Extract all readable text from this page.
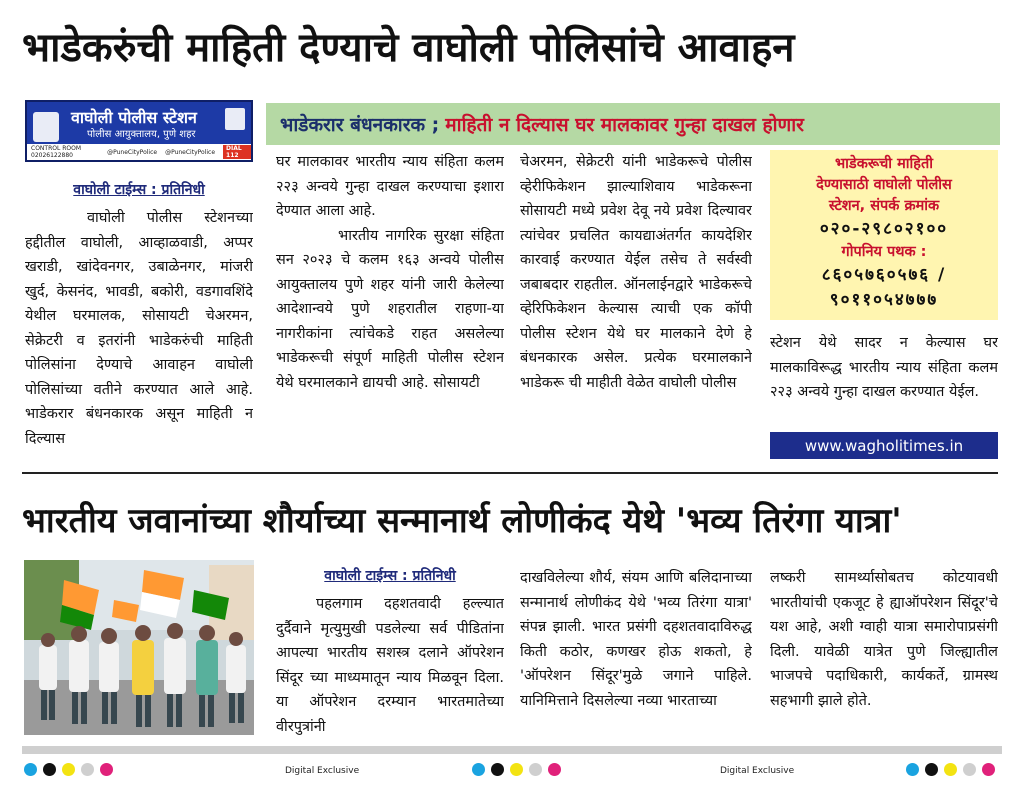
भाडेकरुंची माहिती देण्याचे वाघोली पोलिसांचे आवाहन
वाघोली पोलीस स्टेशन
पोलीस आयुक्तालय, पुणे शहर
CONTROL ROOM 02026122880	@PuneCityPolice @PuneCityPolice	DIAL 112
भाडेकरार बंधनकारक ; माहिती न दिल्यास घर मालकावर गुन्हा दाखल होणार
वाघोली टाईम्स : प्रतिनिधी
वाघोली पोलीस स्टेशनच्या हद्दीतील वाघोली, आव्हाळवाडी, अप्पर खराडी, खांदेवनगर, उबाळेनगर, मांजरी खुर्द, केसनंद, भावडी, बकोरी, वडगावशिंदे येथील घरमालक, सोसायटी चेअरमन, सेक्रेटरी व इतरांनी भाडेकरुंची माहिती पोलिसांना देण्याचे आवाहन वाघोली पोलिसांच्या वतीने करण्यात आले आहे. भाडेकरार बंधनकारक असून माहिती न दिल्यास
घर मालकावर भारतीय न्याय संहिता कलम २२३ अन्वये गुन्हा दाखल करण्याचा इशारा देण्यात आला आहे.
भारतीय नागरिक सुरक्षा संहिता सन २०२३ चे कलम १६३ अन्वये पोलीस आयुक्तालय पुणे शहर यांनी जारी केलेल्या आदेशान्वये पुणे शहरातील राहणा-या नागरीकांना त्यांचेकडे राहत असलेल्या भाडेकरूची संपूर्ण माहिती पोलीस स्टेशन येथे घरमालकाने द्यायची आहे. सोसायटी
चेअरमन, सेक्रेटरी यांनी भाडेकरूचे पोलीस व्हेरीफिकेशन झाल्याशिवाय भाडेकरूना सोसायटी मध्ये प्रवेश देवू नये प्रवेश दिल्यावर त्यांचेवर प्रचलित कायद्याअंतर्गत कायदेशिर कारवाई करण्यात येईल तसेच ते सर्वस्वी जबाबदार राहतील. ऑनलाईनद्वारे भाडेकरूचे व्हेरिफिकेशन केल्यास त्याची एक कॉपी पोलीस स्टेशन येथे घर मालकाने देणे हे बंधनकारक असेल. प्रत्येक घरमालकाने भाडेकरू ची माहीती वेळेत वाघोली पोलीस
भाडेकरूची माहिती
देण्यासाठी वाघोली पोलीस
स्टेशन, संपर्क क्रमांक
०२०-२९८०२१००
गोपनिय पथक :
८६०५७६०५७६ /
९०११०५४७७७
स्टेशन येथे सादर न केल्यास घर मालकाविरूद्ध भारतीय न्याय संहिता कलम २२३ अन्वये गुन्हा दाखल करण्यात येईल.
www.wagholitimes.in
भारतीय जवानांच्या शौर्याच्या सन्मानार्थ लोणीकंद येथे 'भव्य तिरंगा यात्रा'
वाघोली टाईम्स : प्रतिनिधी
पहलगाम दहशतवादी हल्ल्यात दुर्दैवाने मृत्युमुखी पडलेल्या सर्व पीडितांना आपल्या भारतीय सशस्त्र दलाने ऑपरेशन सिंदूर च्या माध्यमातून न्याय मिळवून दिला. या ऑपरेशन दरम्यान भारतमातेच्या वीरपुत्रांनी
दाखविलेल्या शौर्य, संयम आणि बलिदानाच्या सन्मानार्थ लोणीकंद येथे 'भव्य तिरंगा यात्रा' संपन्न झाली. भारत प्रसंगी दहशतवादाविरुद्ध किती कठोर, कणखर होऊ शकतो, हे 'ऑपरेशन सिंदूर'मुळे जगाने पाहिले. यानिमित्ताने दिसलेल्या नव्या भारताच्या
लष्करी सामर्थ्यासोबतच कोटयावधी भारतीयांची एकजूट हे ह्याऑपरेशन सिंदूर'चे यश आहे, अशी ग्वाही यात्रा समारोपाप्रसंगी दिली. यावेळी यात्रेत पुणे जिल्ह्यातील भाजपचे पदाधिकारी, कार्यकर्ते, ग्रामस्थ सहभागी झाले होते.
Digital Exclusive	Digital Exclusive
